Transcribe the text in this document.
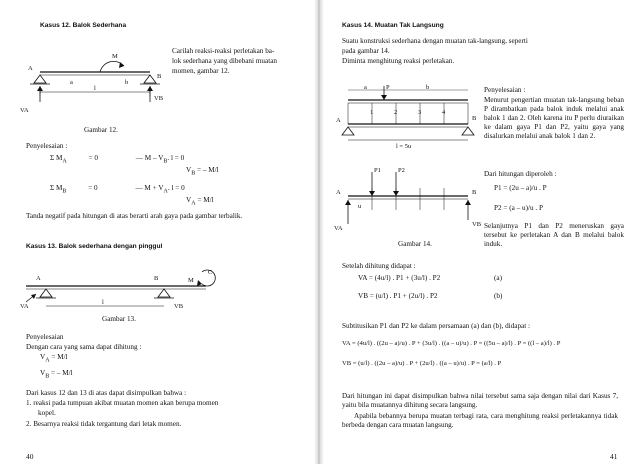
Kasus 12. Balok Sederhana
M
A
B
a	b
l
VA
VB
Carilah reaksi-reaksi perletakan ba-
lok sederhana yang dibebani muatan
momen, gambar 12.
Gambar 12.
Penyelesaian :
Σ $M_A$	= 0	— M – $V_B$. l = 0
$V_B$ = – M/l
Σ $M_B$	= 0	— $M + V_A$. l = 0
$V_A = M/l$
Tanda negatif pada hitungan di atas berarti arah gaya pada gambar terbalik.
Kasus 13. Balok sederhana dengan pinggul
A	B
C
M
l
VA	VB
Gambar 13.
Penyelesaian
Dengan cara yang sama dapat dihitung :
$V_A = M/l$
$V_B$ = – M/l
Dari kasus 12 dan 13 di atas dapat disimpulkan bahwa :
1. reaksi pada tumpuan akibat muatan momen akan berupa momen
kopel.
2. Besarnya reaksi tidak tergantung dari letak momen.
40
Kasus 14. Muatan Tak Langsung
Suatu konstruksi sederhana dengan muatan tak-langsung, seperti
pada gambar 14.
Diminta menghitung reaksi perletakan.
a	P	b
A	B
1	2	3	4
l = 5u
P1	P2
u
A	B
VA
VB
Penyelesaian :
Menurut pengertian muatan tak-langsung beban P dirambatkan pada balok induk melalui anak balok 1 dan 2. Oleh karena itu P perlu diuraikan ke dalam gaya P1 dan P2, yaitu gaya yang disalurkan melalui anak balok 1 dan 2.
Dari hitungan diperoleh :
P1 = (2u – a)/u . P
P2 = (a – u)/u . P
Selanjutnya P1 dan P2 meneruskan gaya tersebut ke perletakan A dan B melalui balok induk.
Gambar 14.
Setelah dihitung didapat :
VA = (4u/l) . P1 + (3u/l) . P2	(a)
VB = (u/l) . P1 + (2u/l) . P2	(b)
Subtitusikan P1 dan P2 ke dalam persamaan (a) dan (b), didapat :
VA = (4u/l) . ((2u – a)/u) . P + (3u/l) . ((a – u)/u) . P = ((5u – a)/l) . P = ((l – a)/l) . P
VB = (u/l) . ((2u – a)/u) . P + (2u/l) . ((a – u)/u) . P = (a/l) . P
Dari hitungan ini dapat disimpulkan bahwa nilai tersebut sama saja dengan nilai dari Kasus 7, yaitu bila muatannya dihitung secara langsung.
Apabila bebannya berupa muatan terbagi rata, cara menghitung reaksi perletakannya tidak berbeda dengan cara muatan langsung.
41
